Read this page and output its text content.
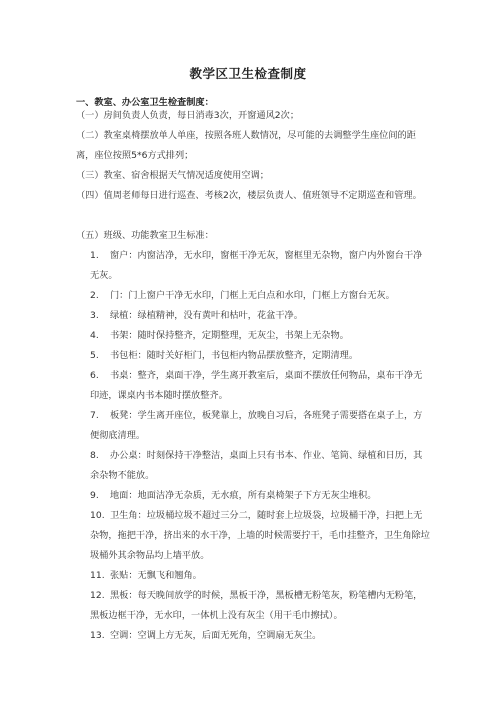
教学区卫生检查制度
一、教室、办公室卫生检查制度：
（一）房间负责人负责，每日消毒3次，开窗通风2次；
（二）教室桌椅摆放单人单座，按照各班人数情况，尽可能的去调整学生座位间的距离，座位按照5*6方式排列；
（三）教室、宿舍根据天气情况适度使用空调；
（四）值周老师每日进行巡查、考核2次，楼层负责人、值班领导不定期巡查和管理。
（五）班级、功能教室卫生标准：
1. 窗户：内窗洁净，无水印，窗框干净无灰，窗框里无杂物，窗户内外窗台干净无灰。
2. 门：门上窗户干净无水印，门框上无白点和水印，门框上方窗台无灰。
3. 绿植：绿植精神，没有黄叶和枯叶，花盆干净。
4. 书架：随时保持整齐，定期整理，无灰尘，书架上无杂物。
5. 书包柜：随时关好柜门，书包柜内物品摆放整齐，定期清理。
6. 书桌：整齐，桌面干净，学生离开教室后，桌面不摆放任何物品，桌布干净无印迹，课桌内书本随时摆放整齐。
7. 板凳：学生离开座位，板凳靠上，放晚自习后，各班凳子需要搭在桌子上，方便彻底清理。
8. 办公桌：时刻保持干净整洁，桌面上只有书本、作业、笔筒、绿植和日历，其余杂物不能放。
9. 地面：地面洁净无杂质，无水痕，所有桌椅架子下方无灰尘堆积。
10. 卫生角：垃圾桶垃圾不超过三分二，随时套上垃圾袋，垃圾桶干净，扫把上无杂物，拖把干净，挤出来的水干净，上墙的时候需要拧干，毛巾挂整齐，卫生角除垃圾桶外其余物品均上墙平放。
11. 张贴：无飘飞和翘角。
12. 黑板：每天晚间放学的时候，黑板干净，黑板槽无粉笔灰，粉笔槽内无粉笔，黑板边框干净，无水印，一体机上没有灰尘（用干毛巾擦拭）。
13. 空调：空调上方无灰，后面无死角，空调扇无灰尘。
